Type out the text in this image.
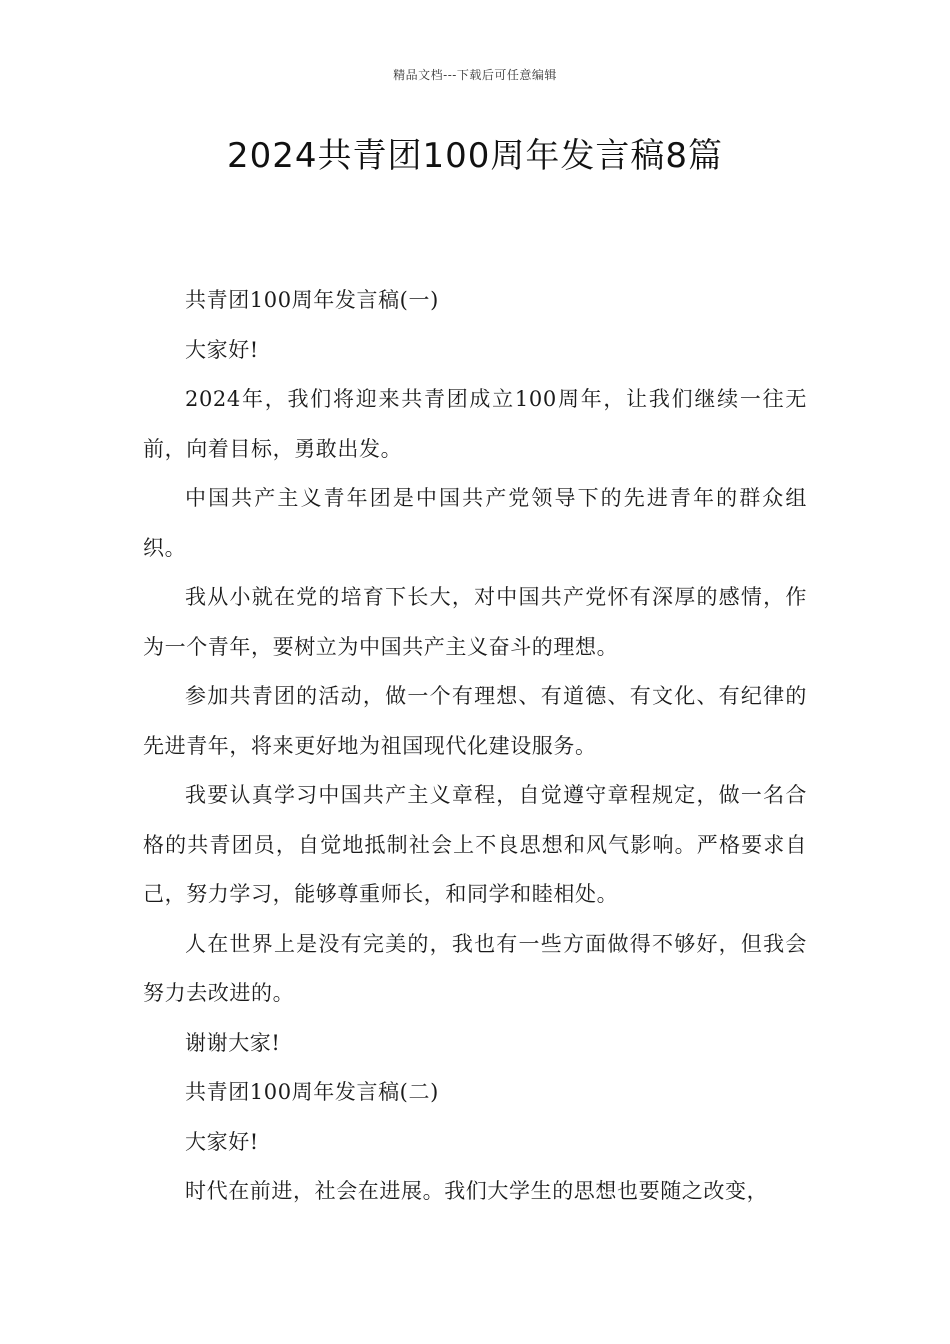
精品文档---下载后可任意编辑
2024共青团100周年发言稿8篇

共青团100周年发言稿(一)

大家好!

2024年，我们将迎来共青团成立100周年，让我们继续一往无前，向着目标，勇敢出发。

中国共产主义青年团是中国共产党领导下的先进青年的群众组织。

我从小就在党的培育下长大，对中国共产党怀有深厚的感情，作为一个青年，要树立为中国共产主义奋斗的理想。

参加共青团的活动，做一个有理想、有道德、有文化、有纪律的先进青年，将来更好地为祖国现代化建设服务。

我要认真学习中国共产主义章程，自觉遵守章程规定，做一名合格的共青团员，自觉地抵制社会上不良思想和风气影响。严格要求自己，努力学习，能够尊重师长，和同学和睦相处。

人在世界上是没有完美的，我也有一些方面做得不够好，但我会努力去改进的。

谢谢大家!

共青团100周年发言稿(二)

大家好!

时代在前进，社会在进展。我们大学生的思想也要随之改变，
